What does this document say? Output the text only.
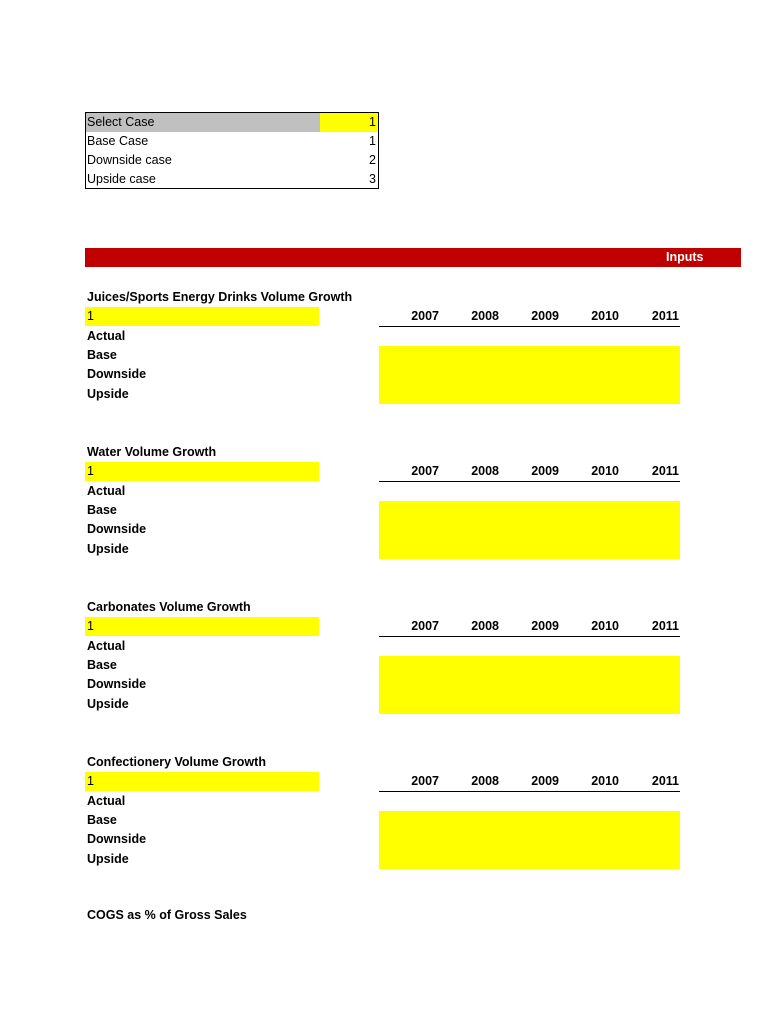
Select Case	1
Base Case	1
Downside case	2
Upside case	3
Inputs
Juices/Sports Energy Drinks Volume Growth
1	2007	2008	2009	2010	2011
Actual
Base
Downside
Upside
Water Volume Growth
1	2007	2008	2009	2010	2011
Actual
Base
Downside
Upside
Carbonates Volume Growth
1	2007	2008	2009	2010	2011
Actual
Base
Downside
Upside
Confectionery Volume Growth
1	2007	2008	2009	2010	2011
Actual
Base
Downside
Upside
COGS as % of Gross Sales
